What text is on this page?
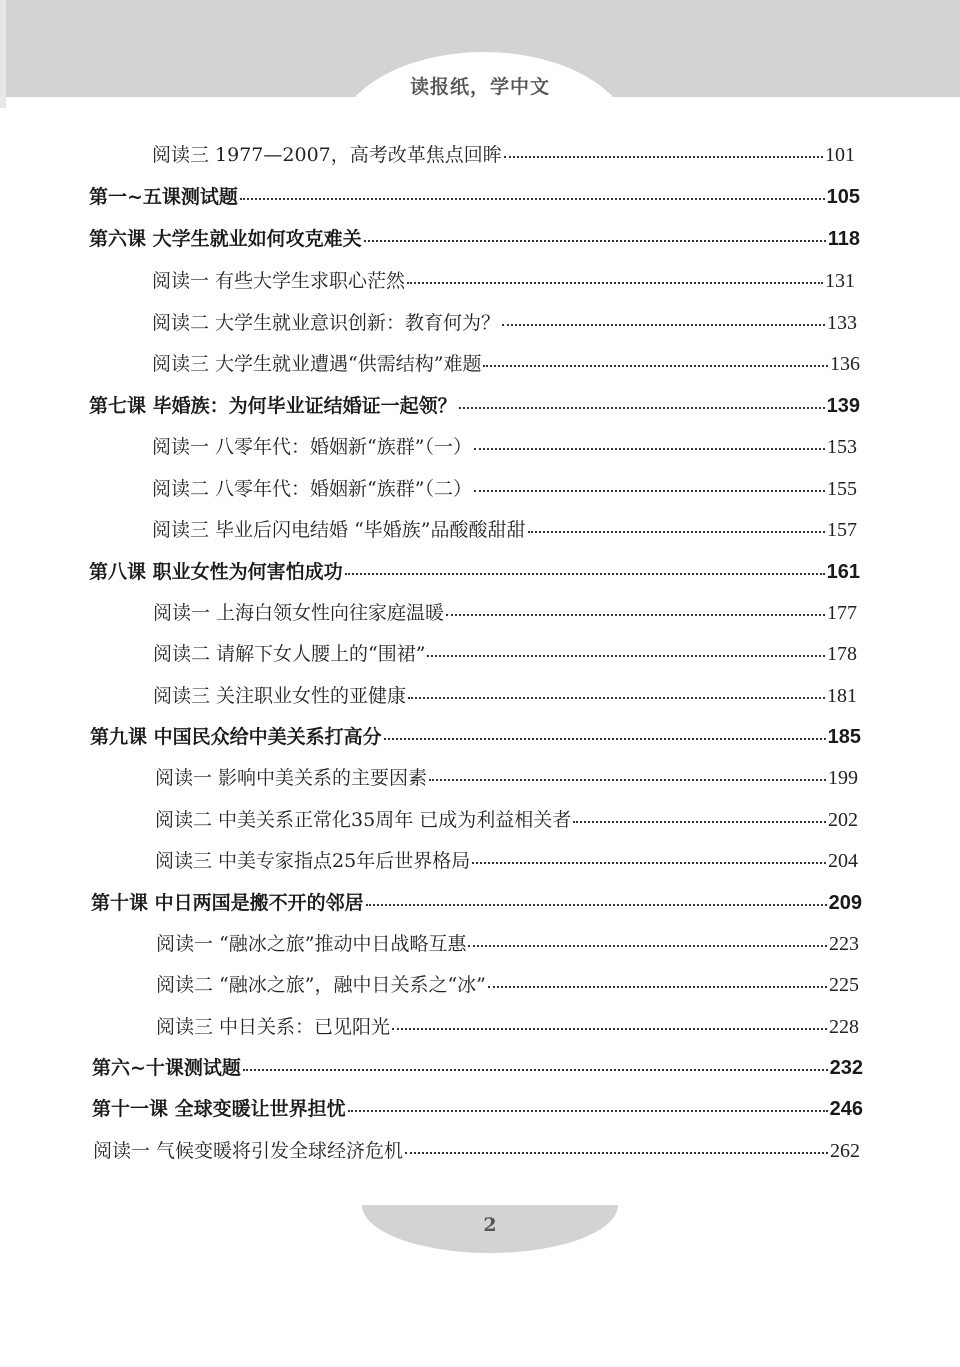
读报纸，学中文
阅读三 1977—2007，高考改革焦点回眸	101
第一~五课测试题	105
第六课 大学生就业如何攻克难关	118
阅读一 有些大学生求职心茫然	131
阅读二 大学生就业意识创新：教育何为？	133
阅读三 大学生就业遭遇“供需结构”难题	136
第七课 毕婚族：为何毕业证结婚证一起领？	139
阅读一 八零年代：婚姻新“族群”（一）	153
阅读二 八零年代：婚姻新“族群”（二）	155
阅读三 毕业后闪电结婚 “毕婚族”品酸酸甜甜	157
第八课 职业女性为何害怕成功	161
阅读一 上海白领女性向往家庭温暖	177
阅读二 请解下女人腰上的“围裙”	178
阅读三 关注职业女性的亚健康	181
第九课 中国民众给中美关系打高分	185
阅读一 影响中美关系的主要因素	199
阅读二 中美关系正常化35周年 已成为利益相关者	202
阅读三 中美专家指点25年后世界格局	204
第十课 中日两国是搬不开的邻居	209
阅读一 “融冰之旅”推动中日战略互惠	223
阅读二 “融冰之旅”，融中日关系之“冰”	225
阅读三 中日关系：已见阳光	228
第六~十课测试题	232
第十一课 全球变暖让世界担忧	246
阅读一 气候变暖将引发全球经济危机	262
2
